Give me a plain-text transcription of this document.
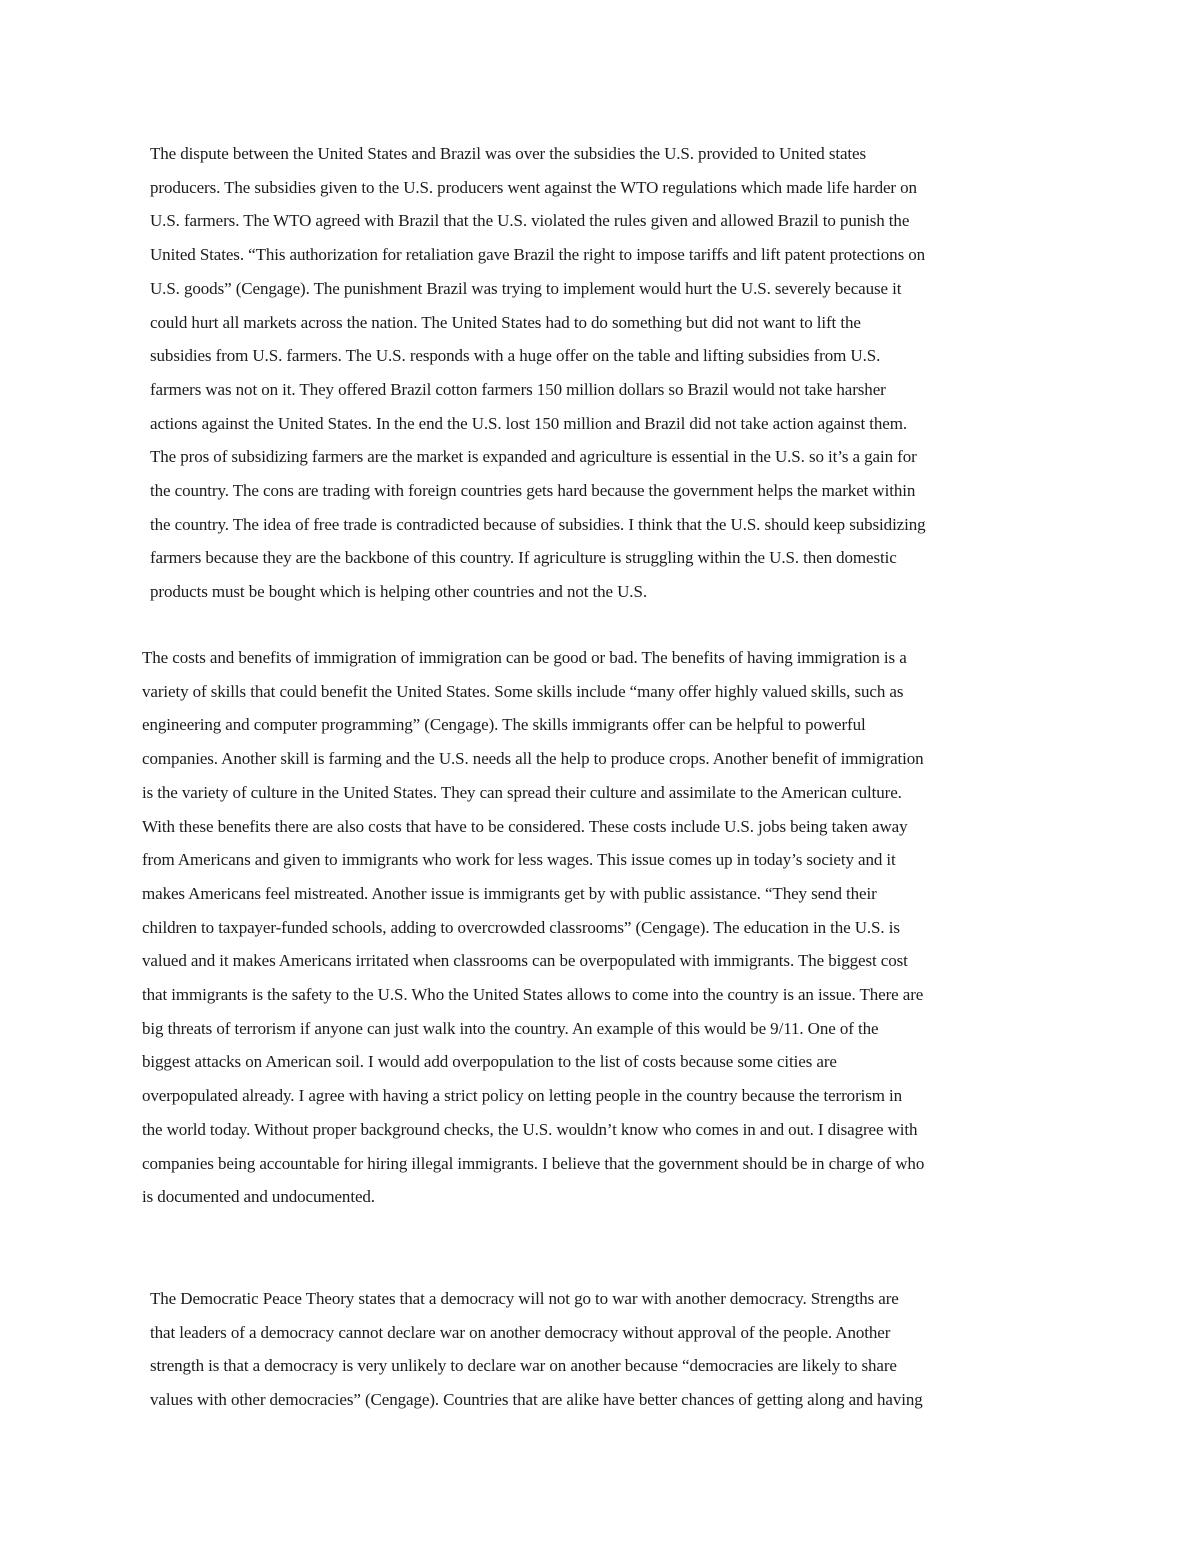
The dispute between the United States and Brazil was over the subsidies the U.S. provided to United states
producers. The subsidies given to the U.S. producers went against the WTO regulations which made life harder on
U.S. farmers. The WTO agreed with Brazil that the U.S. violated the rules given and allowed Brazil to punish the
United States. “This authorization for retaliation gave Brazil the right to impose tariffs and lift patent protections on
U.S. goods” (Cengage). The punishment Brazil was trying to implement would hurt the U.S. severely because it
could hurt all markets across the nation. The United States had to do something but did not want to lift the
subsidies from U.S. farmers. The U.S. responds with a huge offer on the table and lifting subsidies from U.S.
farmers was not on it. They offered Brazil cotton farmers 150 million dollars so Brazil would not take harsher
actions against the United States. In the end the U.S. lost 150 million and Brazil did not take action against them.
The pros of subsidizing farmers are the market is expanded and agriculture is essential in the U.S. so it’s a gain for
the country. The cons are trading with foreign countries gets hard because the government helps the market within
the country. The idea of free trade is contradicted because of subsidies. I think that the U.S. should keep subsidizing
farmers because they are the backbone of this country. If agriculture is struggling within the U.S. then domestic
products must be bought which is helping other countries and not the U.S.
The costs and benefits of immigration of immigration can be good or bad. The benefits of having immigration is a
variety of skills that could benefit the United States. Some skills include “many offer highly valued skills, such as
engineering and computer programming” (Cengage). The skills immigrants offer can be helpful to powerful
companies. Another skill is farming and the U.S. needs all the help to produce crops. Another benefit of immigration
is the variety of culture in the United States. They can spread their culture and assimilate to the American culture.
With these benefits there are also costs that have to be considered. These costs include U.S. jobs being taken away
from Americans and given to immigrants who work for less wages. This issue comes up in today’s society and it
makes Americans feel mistreated. Another issue is immigrants get by with public assistance. “They send their
children to taxpayer-funded schools, adding to overcrowded classrooms” (Cengage). The education in the U.S. is
valued and it makes Americans irritated when classrooms can be overpopulated with immigrants. The biggest cost
that immigrants is the safety to the U.S. Who the United States allows to come into the country is an issue. There are
big threats of terrorism if anyone can just walk into the country. An example of this would be 9/11. One of the
biggest attacks on American soil. I would add overpopulation to the list of costs because some cities are
overpopulated already. I agree with having a strict policy on letting people in the country because the terrorism in
the world today. Without proper background checks, the U.S. wouldn’t know who comes in and out. I disagree with
companies being accountable for hiring illegal immigrants. I believe that the government should be in charge of who
is documented and undocumented.
The Democratic Peace Theory states that a democracy will not go to war with another democracy. Strengths are
that leaders of a democracy cannot declare war on another democracy without approval of the people. Another
strength is that a democracy is very unlikely to declare war on another because “democracies are likely to share
values with other democracies” (Cengage). Countries that are alike have better chances of getting along and having
